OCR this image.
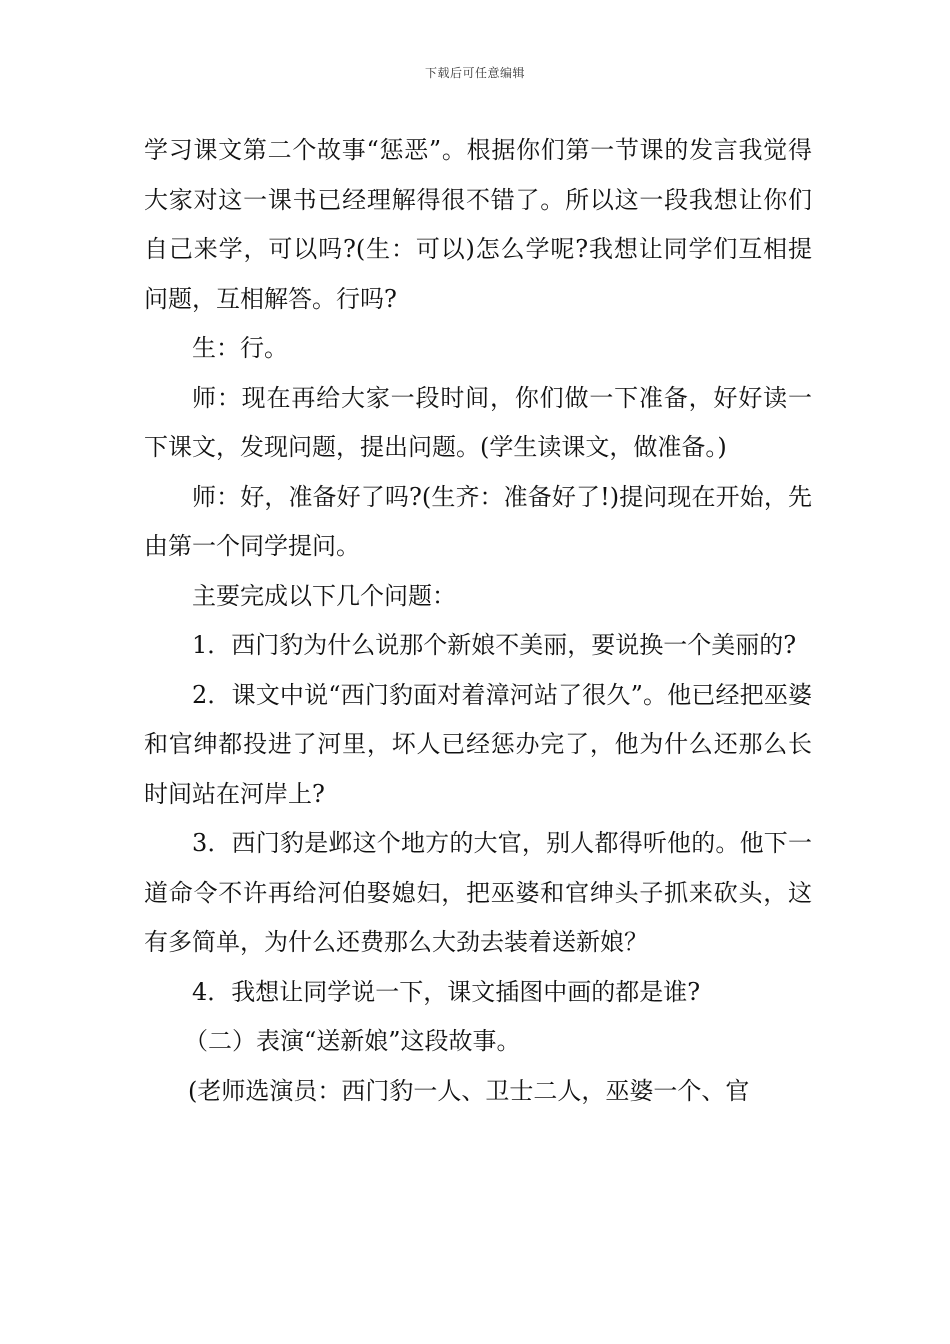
下载后可任意编辑

学习课文第二个故事“惩恶”。根据你们第一节课的发言我觉得大家对这一课书已经理解得很不错了。所以这一段我想让你们自己来学，可以吗?(生：可以)怎么学呢?我想让同学们互相提问题，互相解答。行吗?

生：行。

师：现在再给大家一段时间，你们做一下准备，好好读一下课文，发现问题，提出问题。(学生读课文，做准备。)

师：好，准备好了吗?(生齐：准备好了!)提问现在开始，先由第一个同学提问。

主要完成以下几个问题：

1．西门豹为什么说那个新娘不美丽，要说换一个美丽的?

2．课文中说“西门豹面对着漳河站了很久”。他已经把巫婆和官绅都投进了河里，坏人已经惩办完了，他为什么还那么长时间站在河岸上?

3．西门豹是邺这个地方的大官，别人都得听他的。他下一道命令不许再给河伯娶媳妇，把巫婆和官绅头子抓来砍头，这有多简单，为什么还费那么大劲去装着送新娘？

4．我想让同学说一下，课文插图中画的都是谁?

（二）表演“送新娘”这段故事。

(老师选演员：西门豹一人、卫士二人，巫婆一个、官
